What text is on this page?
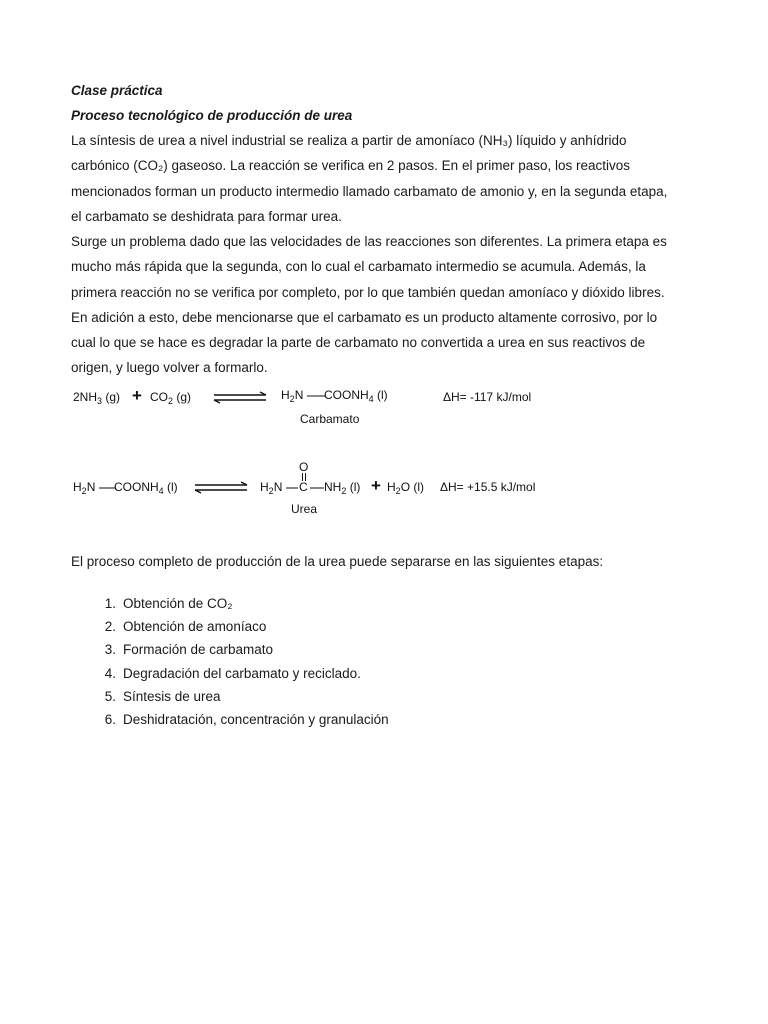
Clase práctica
Proceso tecnológico de producción de urea

La síntesis de urea a nivel industrial se realiza a partir de amoníaco (NH₃) líquido y anhídrido

carbónico (CO₂) gaseoso. La reacción se verifica en 2 pasos. En el primer paso, los reactivos

mencionados forman un producto intermedio llamado carbamato de amonio y, en la segunda etapa,

el carbamato se deshidrata para formar urea.

Surge un problema dado que las velocidades de las reacciones son diferentes. La primera etapa es

mucho más rápida que la segunda, con lo cual el carbamato intermedio se acumula. Además, la

primera reacción no se verifica por completo, por lo que también quedan amoníaco y dióxido libres.

En adición a esto, debe mencionarse que el carbamato es un producto altamente corrosivo, por lo

cual lo que se hace es degradar la parte de carbamato no convertida a urea en sus reactivos de

origen, y luego volver a formarlo.

$2NH_3$ $(g) + CO_2$ (g) ⇌ $H_2N$ $COONH_4$ (l)
Carbamato
ΔH= -117 kJ/mol
$H_2N$ $COONH_4$ (l) ⇌ $H_2N$
O
C $NH_2$ $(l) + H_2O$ (l)
Urea
ΔH= +15.5 kJ/mol
El proceso completo de producción de la urea puede separarse en las siguientes etapas:
1. Obtención de CO₂
2. Obtención de amoníaco
3. Formación de carbamato
4. Degradación del carbamato y reciclado.
5. Síntesis de urea
6. Deshidratación, concentración y granulación
